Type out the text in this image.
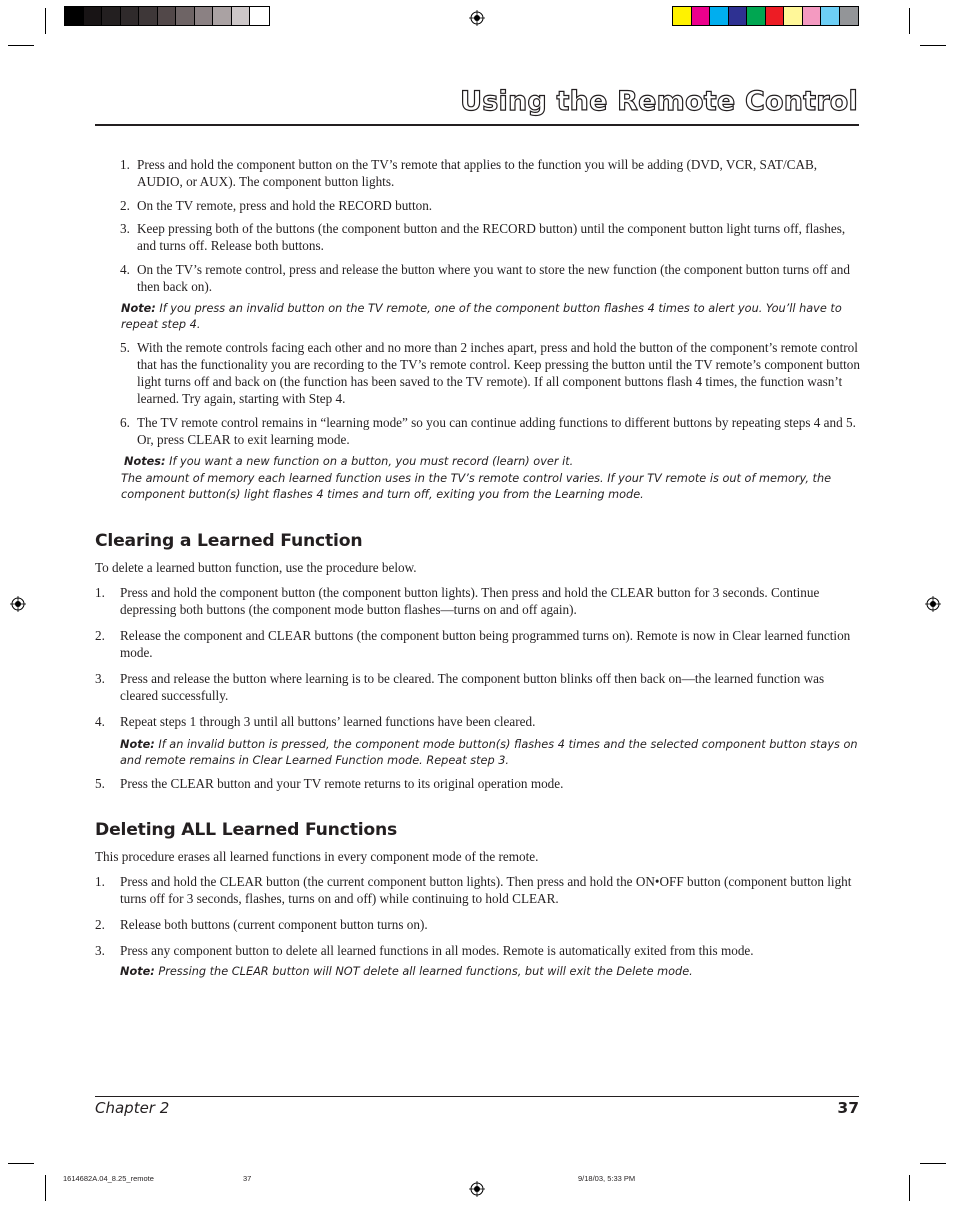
Using the Remote Control
1. Press and hold the component button on the TV’s remote that applies to the function you will be adding (DVD, VCR, SAT/CAB, AUDIO, or AUX). The component button lights.
2. On the TV remote, press and hold the RECORD button.
3. Keep pressing both of the buttons (the component button and the RECORD button) until the component button light turns off, flashes, and turns off. Release both buttons.
4. On the TV’s remote control, press and release the button where you want to store the new function (the component button turns off and then back on).
Note: If you press an invalid button on the TV remote, one of the component button flashes 4 times to alert you. You’ll have to repeat step 4.
5. With the remote controls facing each other and no more than 2 inches apart, press and hold the button of the component’s remote control that has the functionality you are recording to the TV’s remote control. Keep pressing the button until the TV remote’s component button light turns off and back on (the function has been saved to the TV remote). If all component buttons flash 4 times, the function wasn’t learned. Try again, starting with Step 4.
6. The TV remote control remains in “learning mode” so you can continue adding functions to different buttons by repeating steps 4 and 5. Or, press CLEAR to exit learning mode.
Notes: If you want a new function on a button, you must record (learn) over it.
The amount of memory each learned function uses in the TV’s remote control varies. If your TV remote is out of memory, the component button(s) light flashes 4 times and turn off, exiting you from the Learning mode.
Clearing a Learned Function
To delete a learned button function, use the procedure below.
1. Press and hold the component button (the component button lights). Then press and hold the CLEAR button for 3 seconds. Continue depressing both buttons (the component mode button flashes—turns on and off again).
2. Release the component and CLEAR buttons (the component button being programmed turns on). Remote is now in Clear learned function mode.
3. Press and release the button where learning is to be cleared. The component button blinks off then back on—the learned function was cleared successfully.
4. Repeat steps 1 through 3 until all buttons’ learned functions have been cleared.
Note: If an invalid button is pressed, the component mode button(s) flashes 4 times and the selected component button stays on and remote remains in Clear Learned Function mode. Repeat step 3.
5. Press the CLEAR button and your TV remote returns to its original operation mode.
Deleting ALL Learned Functions
This procedure erases all learned functions in every component mode of the remote.
1. Press and hold the CLEAR button (the current component button lights). Then press and hold the ON•OFF button (component button light turns off for 3 seconds, flashes, turns on and off) while continuing to hold CLEAR.
2. Release both buttons (current component button turns on).
3. Press any component button to delete all learned functions in all modes. Remote is automatically exited from this mode.
Note: Pressing the CLEAR button will NOT delete all learned functions, but will exit the Delete mode.
Chapter 2	37
1614682A.04_8.25_remote	37	9/18/03, 5:33 PM
